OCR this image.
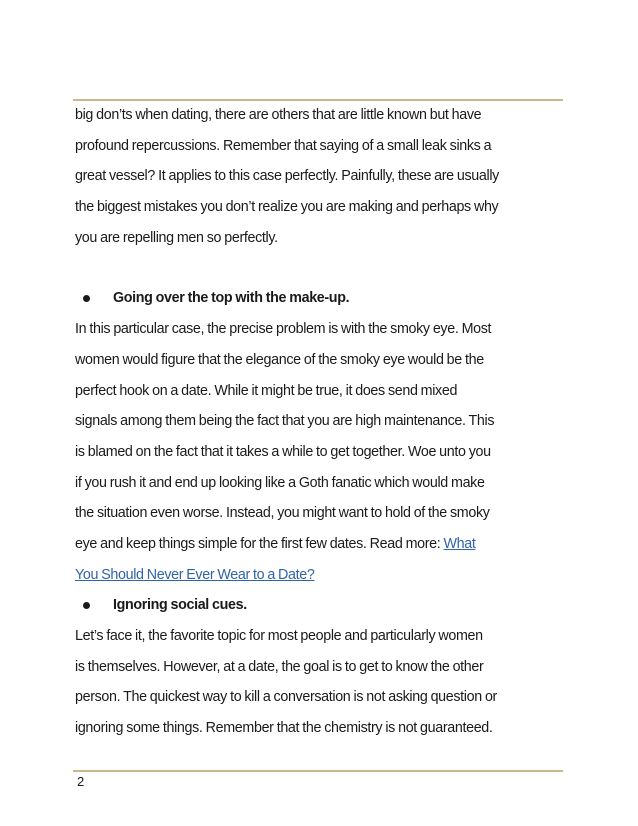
big don’ts when dating, there are others that are little known but have
profound repercussions. Remember that saying of a small leak sinks a
great vessel? It applies to this case perfectly. Painfully, these are usually
the biggest mistakes you don’t realize you are making and perhaps why
you are repelling men so perfectly.
Going over the top with the make-up.
In this particular case, the precise problem is with the smoky eye. Most
women would figure that the elegance of the smoky eye would be the
perfect hook on a date. While it might be true, it does send mixed
signals among them being the fact that you are high maintenance. This
is blamed on the fact that it takes a while to get together. Woe unto you
if you rush it and end up looking like a Goth fanatic which would make
the situation even worse. Instead, you might want to hold of the smoky
eye and keep things simple for the first few dates. Read more: What
You Should Never Ever Wear to a Date?
Ignoring social cues.
Let’s face it, the favorite topic for most people and particularly women
is themselves. However, at a date, the goal is to get to know the other
person. The quickest way to kill a conversation is not asking question or
ignoring some things. Remember that the chemistry is not guaranteed.
2
